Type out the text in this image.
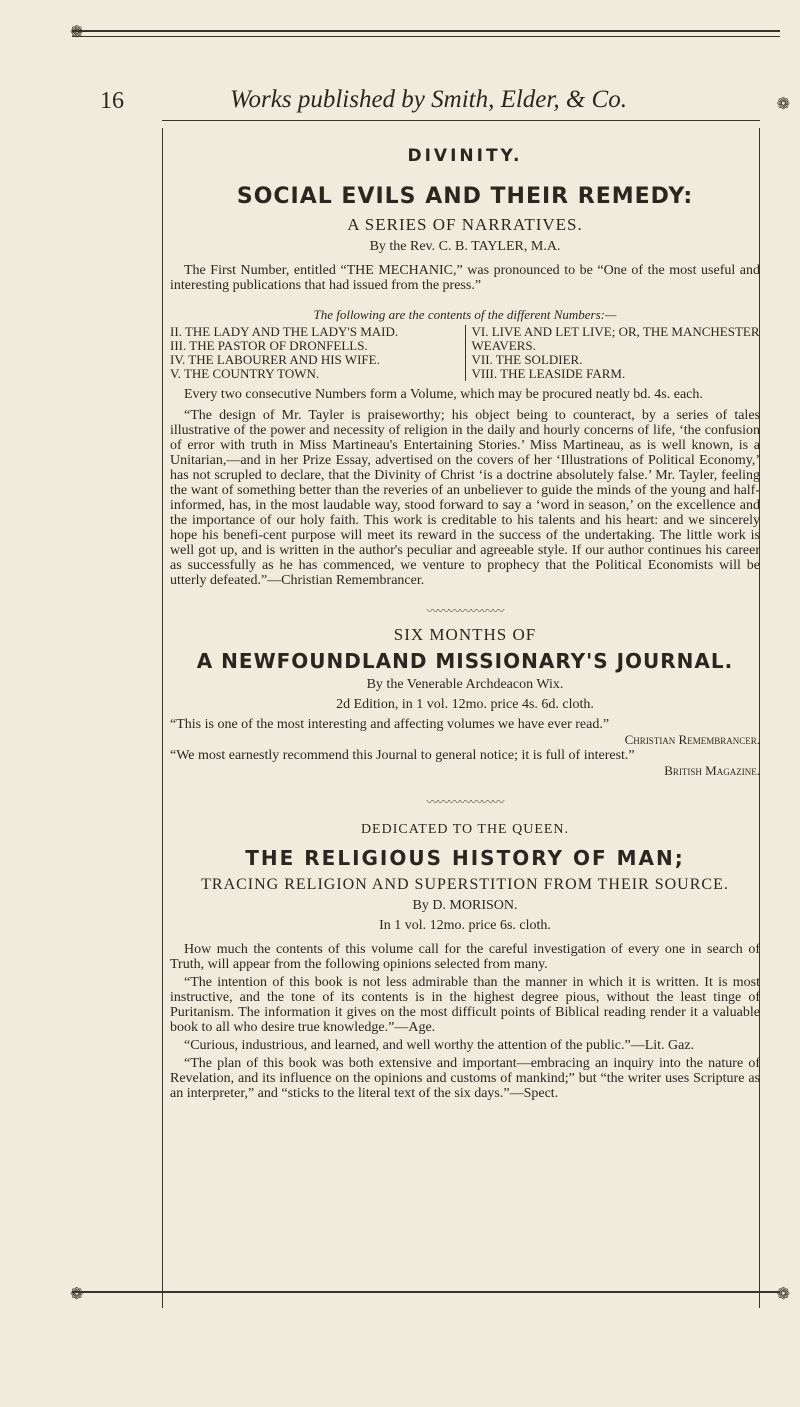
❁
❁
16	Works published by Smith, Elder, & Co.
DIVINITY.
SOCIAL EVILS AND THEIR REMEDY:
A SERIES OF NARRATIVES.
By the Rev. C. B. TAYLER, M.A.

The First Number, entitled “THE MECHANIC,” was pronounced to be “One of the most useful and interesting publications that had issued from the press.”

The following are the contents of the different Numbers:—
II. THE LADY AND THE LADY'S MAID.
III. THE PASTOR OF DRONFELLS.
IV. THE LABOURER AND HIS WIFE.
V. THE COUNTRY TOWN.
VI. LIVE AND LET LIVE; OR, THE MANCHESTER WEAVERS.
VII. THE SOLDIER.
VIII. THE LEASIDE FARM.

Every two consecutive Numbers form a Volume, which may be procured neatly bd. 4s. each.

“The design of Mr. Tayler is praiseworthy; his object being to counteract, by a series of tales illustrative of the power and necessity of religion in the daily and hourly concerns of life, ‘the confusion of error with truth in Miss Martineau's Entertaining Stories.’ Miss Martineau, as is well known, is a Unitarian,—and in her Prize Essay, advertised on the covers of her ‘Illustrations of Political Economy,’ has not scrupled to declare, that the Divinity of Christ ‘is a doctrine absolutely false.’ Mr. Tayler, feeling the want of something better than the reveries of an unbeliever to guide the minds of the young and half-informed, has, in the most laudable way, stood forward to say a ‘word in season,’ on the excellence and the importance of our holy faith. This work is creditable to his talents and his heart: and we sincerely hope his benefi-cent purpose will meet its reward in the success of the undertaking. The little work is well got up, and is written in the author's peculiar and agreeable style. If our author continues his career as successfully as he has commenced, we venture to prophecy that the Political Economists will be utterly defeated.”—Christian Remembrancer.

〰〰〰〰〰〰〰
SIX MONTHS OF
A NEWFOUNDLAND MISSIONARY'S JOURNAL.
By the Venerable Archdeacon Wix.
2d Edition, in 1 vol. 12mo. price 4s. 6d. cloth.

“This is one of the most interesting and affecting volumes we have ever read.”

Christian Remembrancer.

“We most earnestly recommend this Journal to general notice; it is full of interest.”

British Magazine.
〰〰〰〰〰〰〰
DEDICATED TO THE QUEEN.
THE RELIGIOUS HISTORY OF MAN;
TRACING RELIGION AND SUPERSTITION FROM THEIR SOURCE.
By D. MORISON.
In 1 vol. 12mo. price 6s. cloth.

How much the contents of this volume call for the careful investigation of every one in search of Truth, will appear from the following opinions selected from many.

“The intention of this book is not less admirable than the manner in which it is written. It is most instructive, and the tone of its contents is in the highest degree pious, without the least tinge of Puritanism. The information it gives on the most difficult points of Biblical reading render it a valuable book to all who desire true knowledge.”—Age.

“Curious, industrious, and learned, and well worthy the attention of the public.”—Lit. Gaz.

“The plan of this book was both extensive and important—embracing an inquiry into the nature of Revelation, and its influence on the opinions and customs of mankind;” but “the writer uses Scripture as an interpreter,” and “sticks to the literal text of the six days.”—Spect.

❁	❁
